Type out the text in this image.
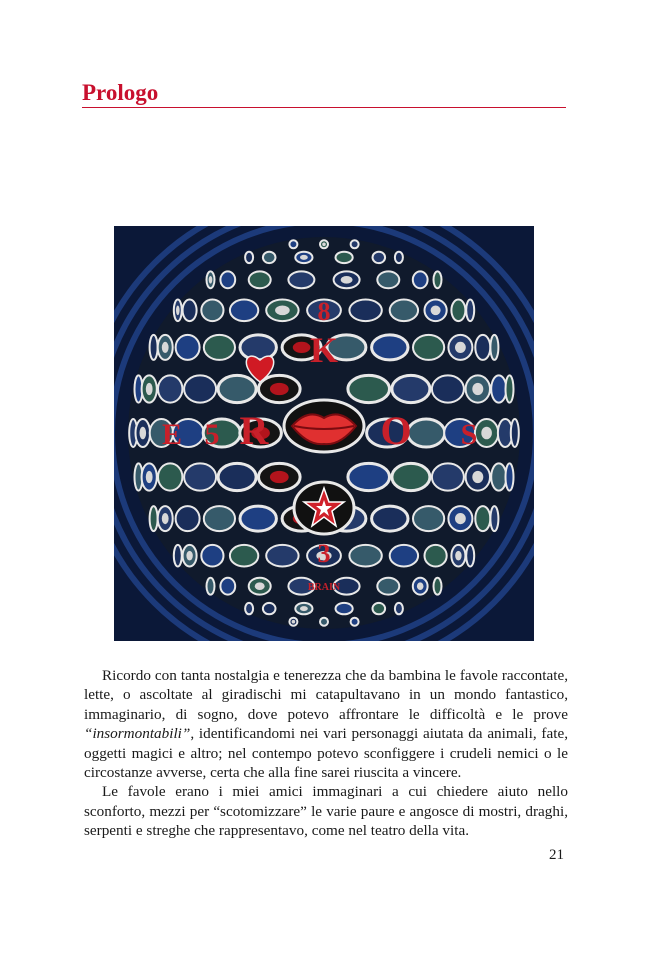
Prologo
K
R	O S
E 5
8
3
BRAIN

Ricordo con tanta nostalgia e tenerezza che da bambina le favole raccontate, lette, o ascoltate al giradischi mi catapultavano in un mondo fantastico, immaginario, di sogno, dove potevo affrontare le difficoltà e le prove “insormontabili”, identificandomi nei vari personaggi aiutata da animali, fate, oggetti magici e altro; nel contempo potevo sconfiggere i crudeli nemici o le circostanze avverse, certa che alla fine sarei riuscita a vincere.

Le favole erano i miei amici immaginari a cui chiedere aiuto nello sconforto, mezzi per “scotomizzare” le varie paure e angosce di mostri, draghi, serpenti e streghe che rappresentavo, come nel teatro della vita.

21
